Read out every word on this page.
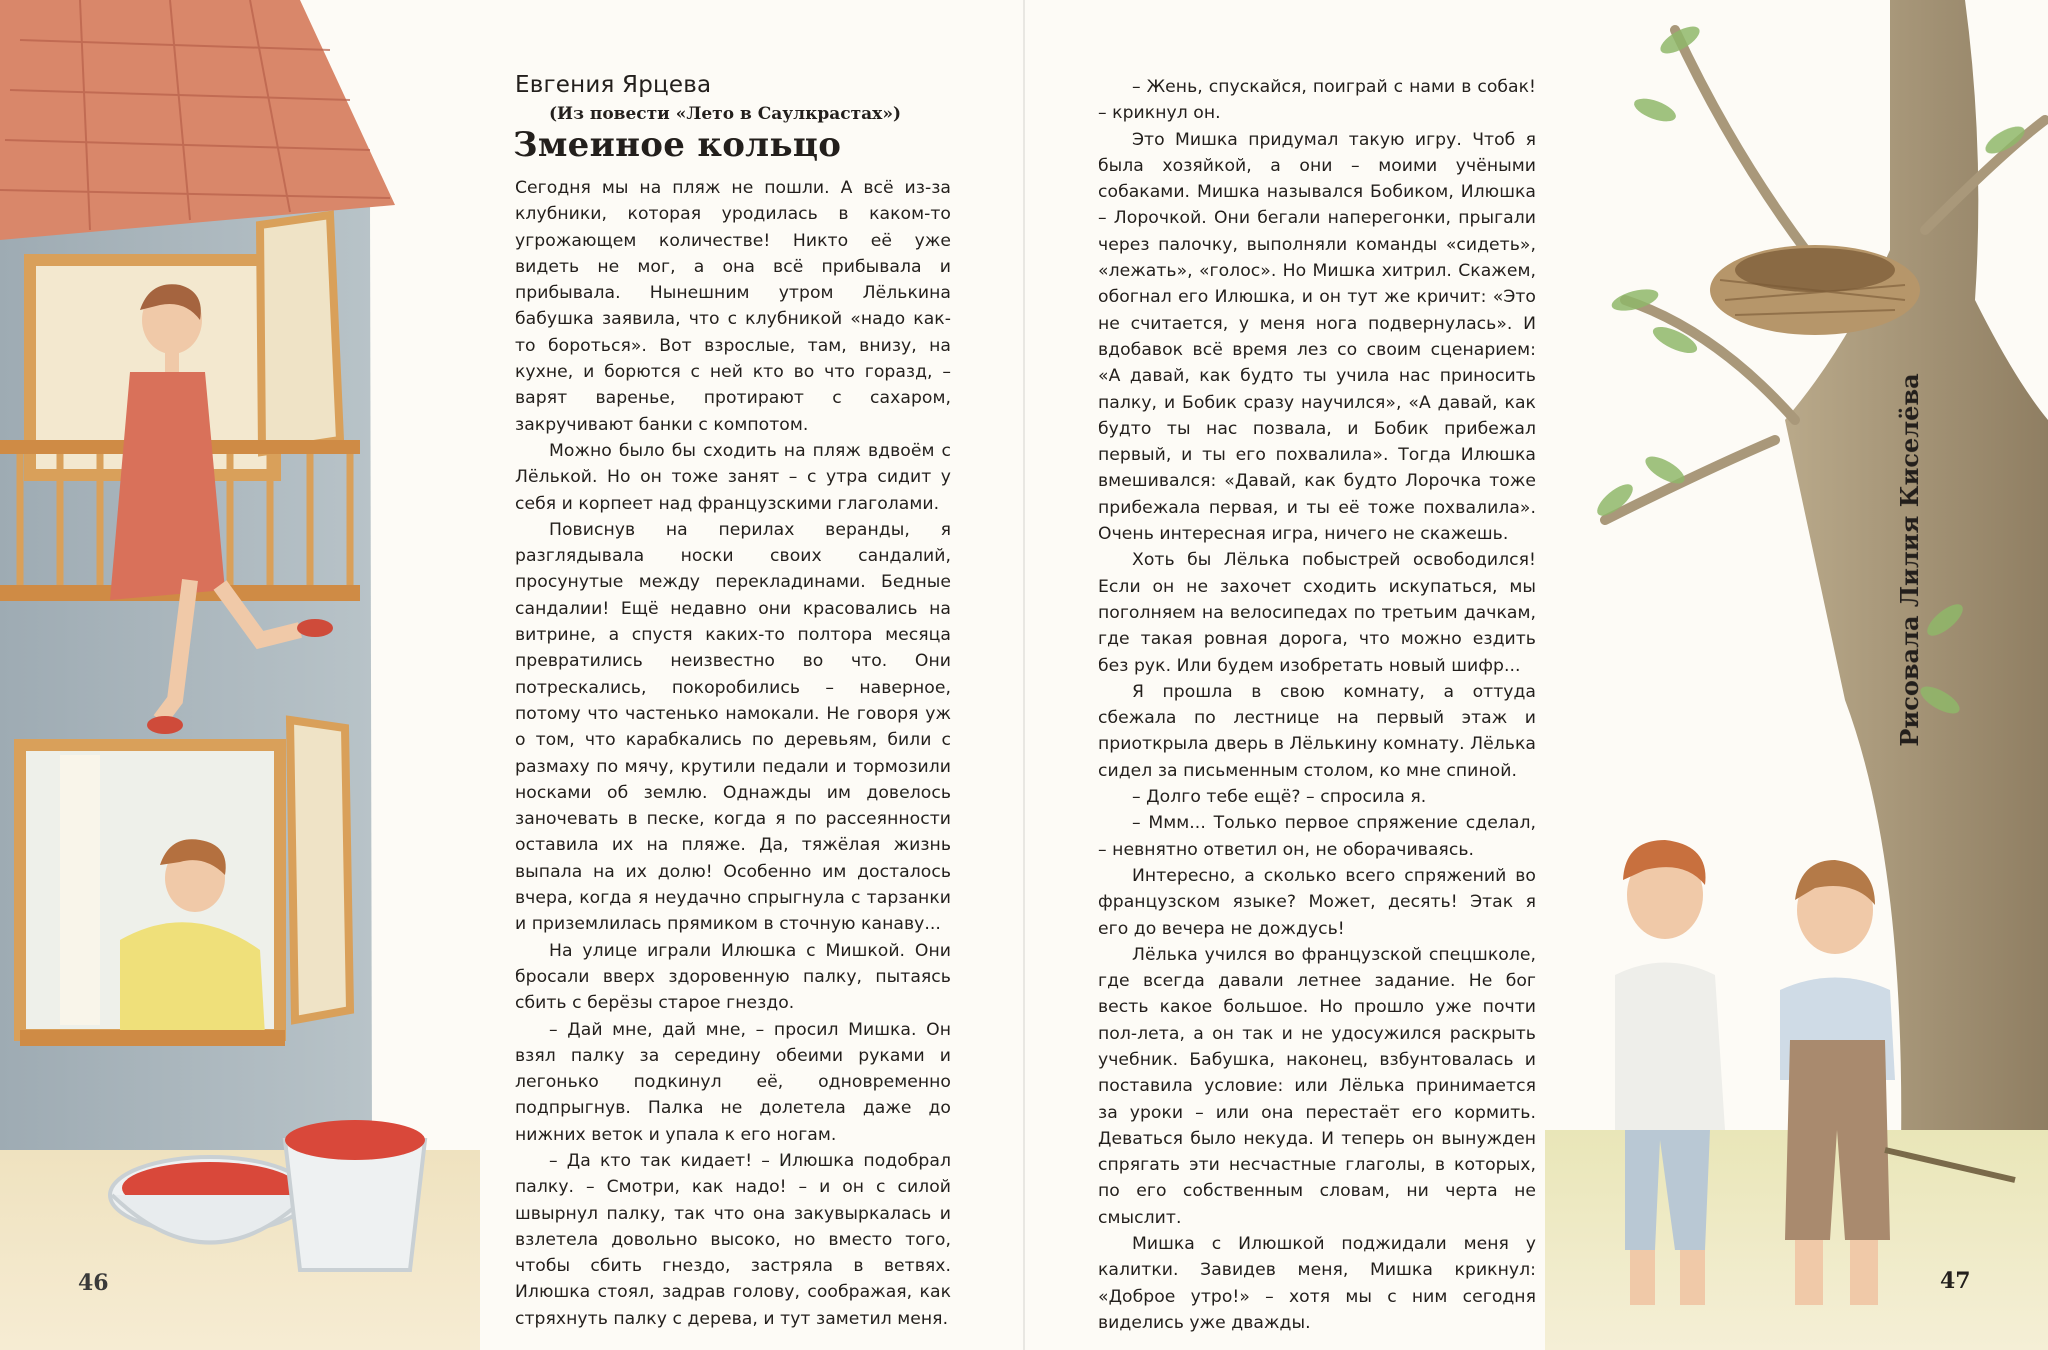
46
Евгения Ярцева
(Из повести «Лето в Саулкрастах»)
Змеиное кольцо

Сегодня мы на пляж не пошли. А всё из-за клубники, которая уродилась в каком-то угрожающем количестве! Никто её уже видеть не мог, а она всё прибывала и прибывала. Нынешним утром Лёлькина бабушка заявила, что с клубникой «надо как-то бороться». Вот взрослые, там, внизу, на кухне, и борются с ней кто во что горазд, – варят варенье, протирают с сахаром, закручивают банки с компотом.

Можно было бы сходить на пляж вдвоём с Лёлькой. Но он тоже занят – с утра сидит у себя и корпеет над французскими глаголами.

Повиснув на перилах веранды, я разглядывала носки своих сандалий, просунутые между перекладинами. Бедные сандалии! Ещё недавно они красовались на витрине, а спустя каких-то полтора месяца превратились неизвестно во что. Они потрескались, покоробились – наверное, потому что частенько намокали. Не говоря уж о том, что карабкались по деревьям, били с размаху по мячу, крутили педали и тормозили носками об землю. Однажды им довелось заночевать в песке, когда я по рассеянности оставила их на пляже. Да, тяжёлая жизнь выпала на их долю! Особенно им досталось вчера, когда я неудачно спрыгнула с тарзанки и приземлилась прямиком в сточную канаву...

На улице играли Илюшка с Мишкой. Они бросали вверх здоровенную палку, пытаясь сбить с берёзы старое гнездо.

– Дай мне, дай мне, – просил Мишка. Он взял палку за середину обеими руками и легонько подкинул её, одновременно подпрыгнув. Палка не долетела даже до нижних веток и упала к его ногам.

– Да кто так кидает! – Илюшка подобрал палку. – Смотри, как надо! – и он с силой швырнул палку, так что она закувыркалась и взлетела довольно высоко, но вместо того, чтобы сбить гнездо, застряла в ветвях. Илюшка стоял, задрав голову, соображая, как стряхнуть палку с дерева, и тут заметил меня.

– Жень, спускайся, поиграй с нами в собак! – крикнул он.

Это Мишка придумал такую игру. Чтоб я была хозяйкой, а они – моими учёными собаками. Мишка назывался Бобиком, Илюшка – Лорочкой. Они бегали наперегонки, прыгали через палочку, выполняли команды «сидеть», «лежать», «голос». Но Мишка хитрил. Скажем, обогнал его Илюшка, и он тут же кричит: «Это не считается, у меня нога подвернулась». И вдобавок всё время лез со своим сценарием: «А давай, как будто ты учила нас приносить палку, и Бобик сразу научился», «А давай, как будто ты нас позвала, и Бобик прибежал первый, и ты его похвалила». Тогда Илюшка вмешивался: «Давай, как будто Лорочка тоже прибежала первая, и ты её тоже похвалила». Очень интересная игра, ничего не скажешь.

Хоть бы Лёлька побыстрей освободился! Если он не захочет сходить искупаться, мы поголняем на велосипедах по третьим дачкам, где такая ровная дорога, что можно ездить без рук. Или будем изобретать новый шифр...

Я прошла в свою комнату, а оттуда сбежала по лестнице на первый этаж и приоткрыла дверь в Лёлькину комнату. Лёлька сидел за письменным столом, ко мне спиной.

– Долго тебе ещё? – спросила я.

– Ммм... Только первое спряжение сделал, – невнятно ответил он, не оборачиваясь.

Интересно, а сколько всего спряжений во французском языке? Может, десять! Этак я его до вечера не дождусь!

Лёлька учился во французской спецшколе, где всегда давали летнее задание. Не бог весть какое большое. Но прошло уже почти пол-лета, а он так и не удосужился раскрыть учебник. Бабушка, наконец, взбунтовалась и поставила условие: или Лёлька принимается за уроки – или она перестаёт его кормить. Деваться было некуда. И теперь он вынужден спрягать эти несчастные глаголы, в которых, по его собственным словам, ни черта не смыслит.

Мишка с Илюшкой поджидали меня у калитки. Завидев меня, Мишка крикнул: «Доброе утро!» – хотя мы с ним сегодня виделись уже дважды.

Рисовала Лилия Киселёва
47
